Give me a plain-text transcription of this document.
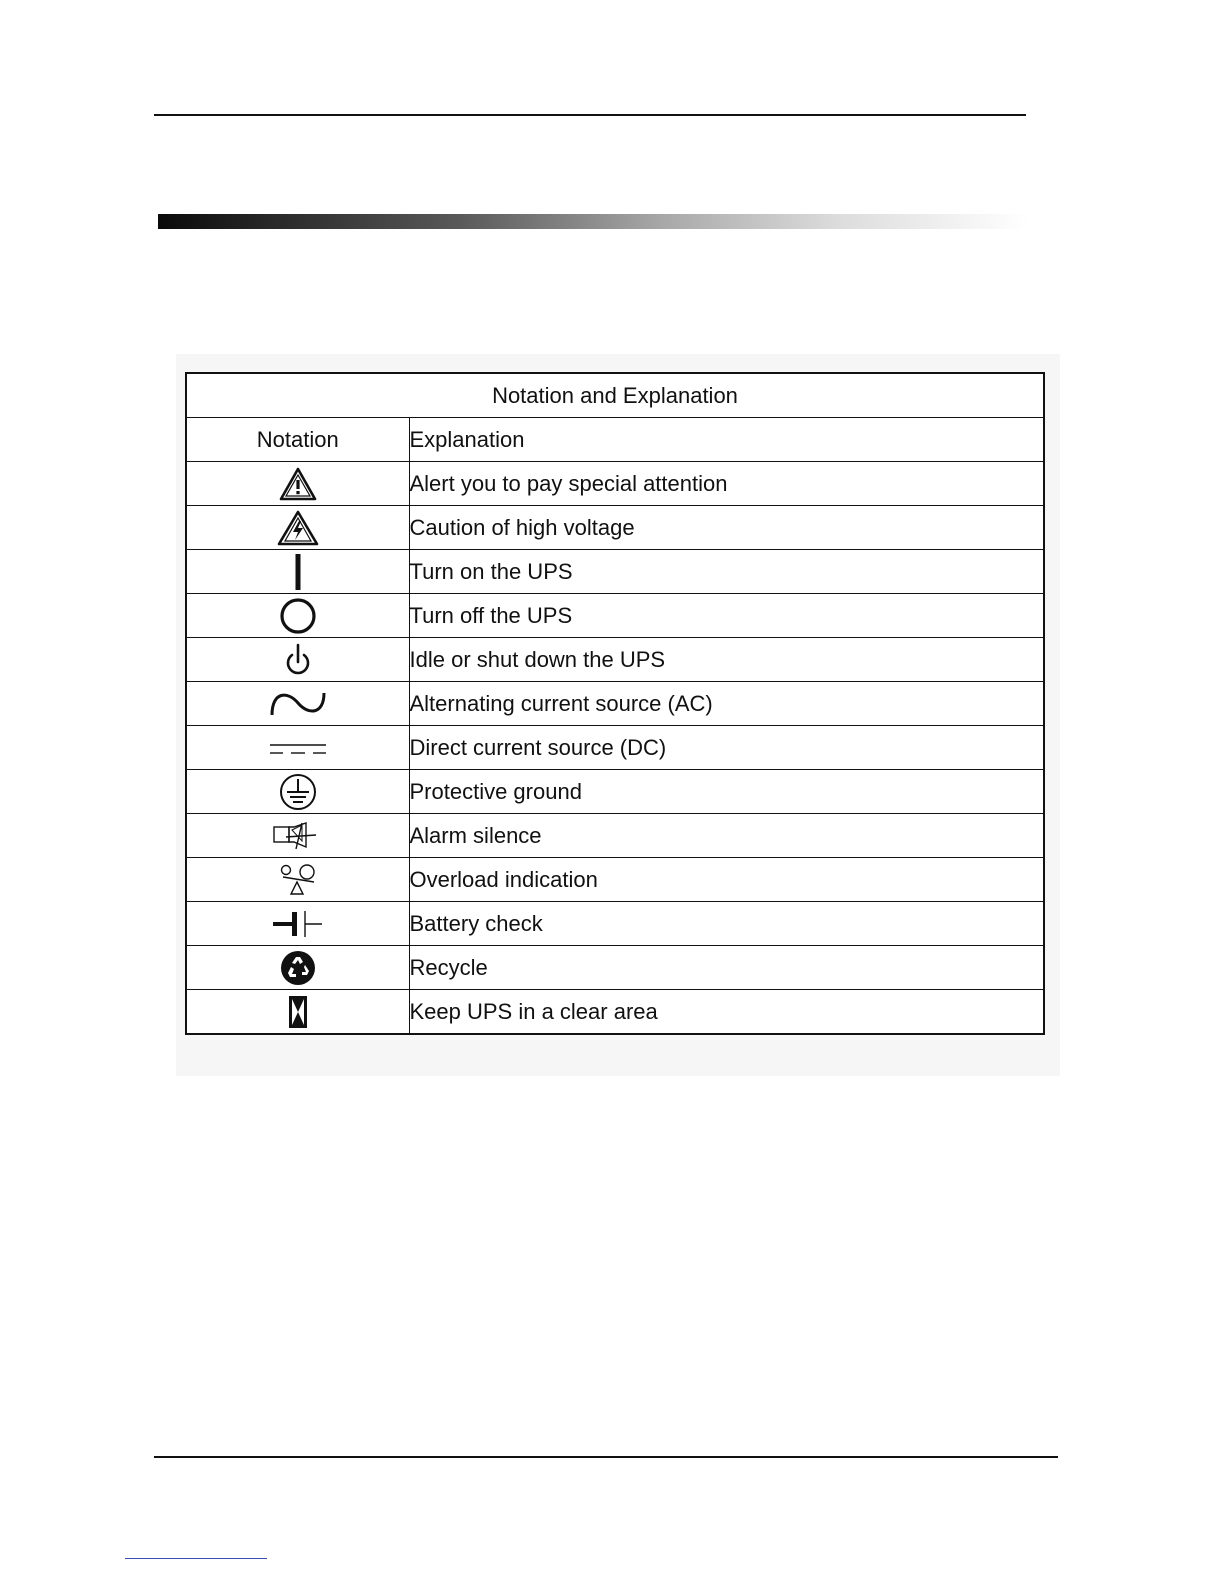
Notation and Explanation	
Notation	Explanation
	Alert you to pay special attention
	Caution of high voltage
	Turn on the UPS
	Turn off the UPS
	Idle or shut down the UPS
	Alternating current source (AC)
	Direct current source (DC)
	Protective ground
	Alarm silence
	Overload indication
	Battery check
	Recycle
	Keep UPS in a clear area
